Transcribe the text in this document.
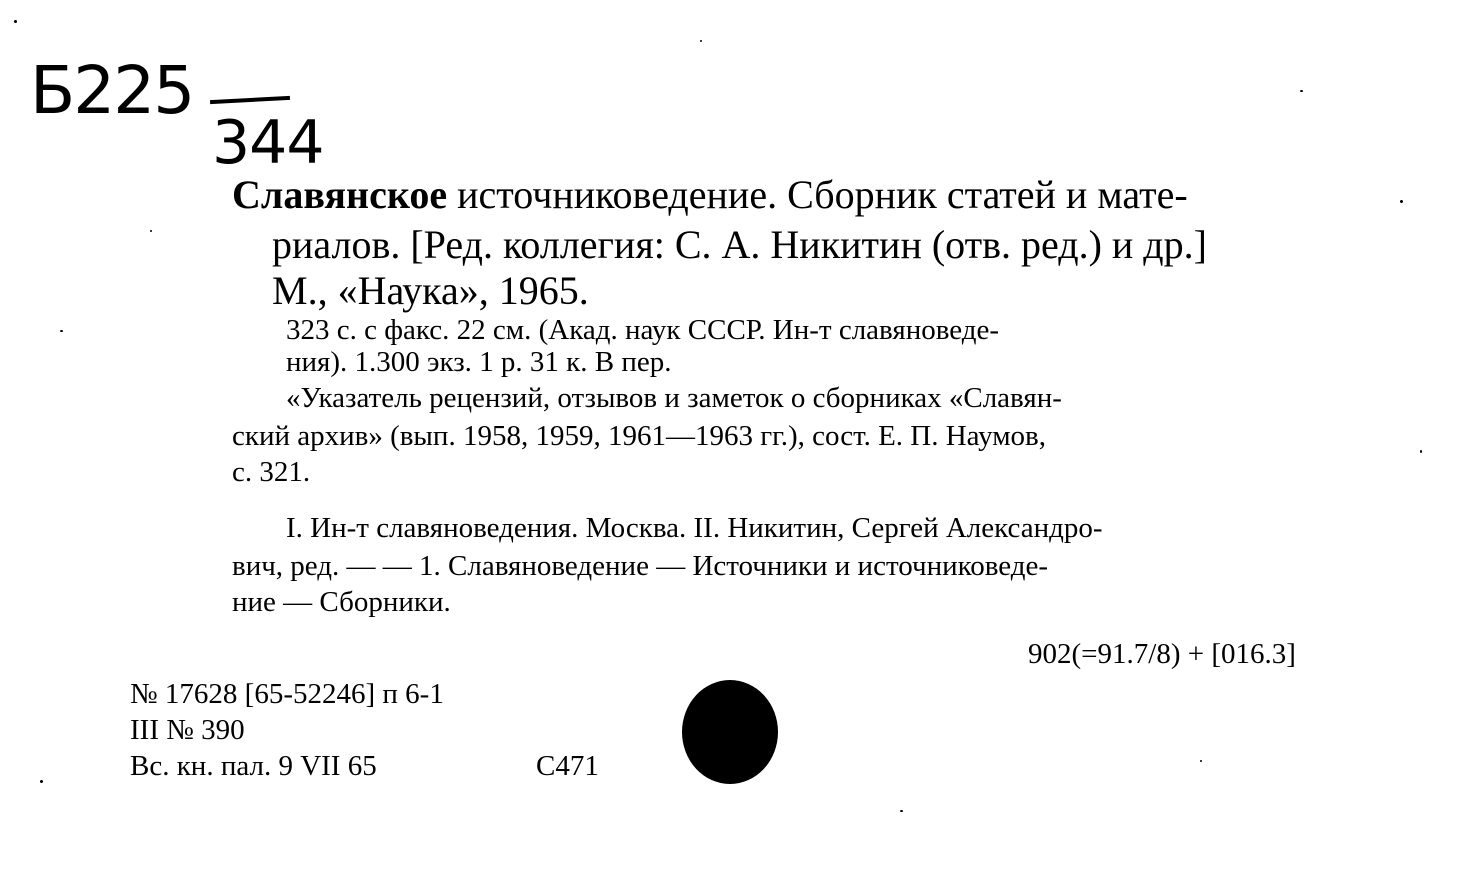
Б225
344
Славянское источниковедение. Сборник статей и мате-
риалов. [Ред. коллегия: С. А. Никитин (отв. ред.) и др.]
М., «Наука», 1965.
323 с. с факс. 22 см. (Акад. наук СССР. Ин-т славяноведе-
ния). 1.300 экз. 1 р. 31 к. В пер.
«Указатель рецензий, отзывов и заметок о сборниках «Славян-
ский архив» (вып. 1958, 1959, 1961—1963 гг.), сост. Е. П. Наумов,
с. 321.
I. Ин-т славяноведения. Москва. II. Никитин, Сергей Александро-
вич, ред. — — 1. Славяноведение — Источники и источниковеде-
ние — Сборники.
902(=91.7/8) + [016.3]
№ 17628 [65-52246] п 6-1
III № 390
Вс. кн. пал. 9 VII 65	С471
